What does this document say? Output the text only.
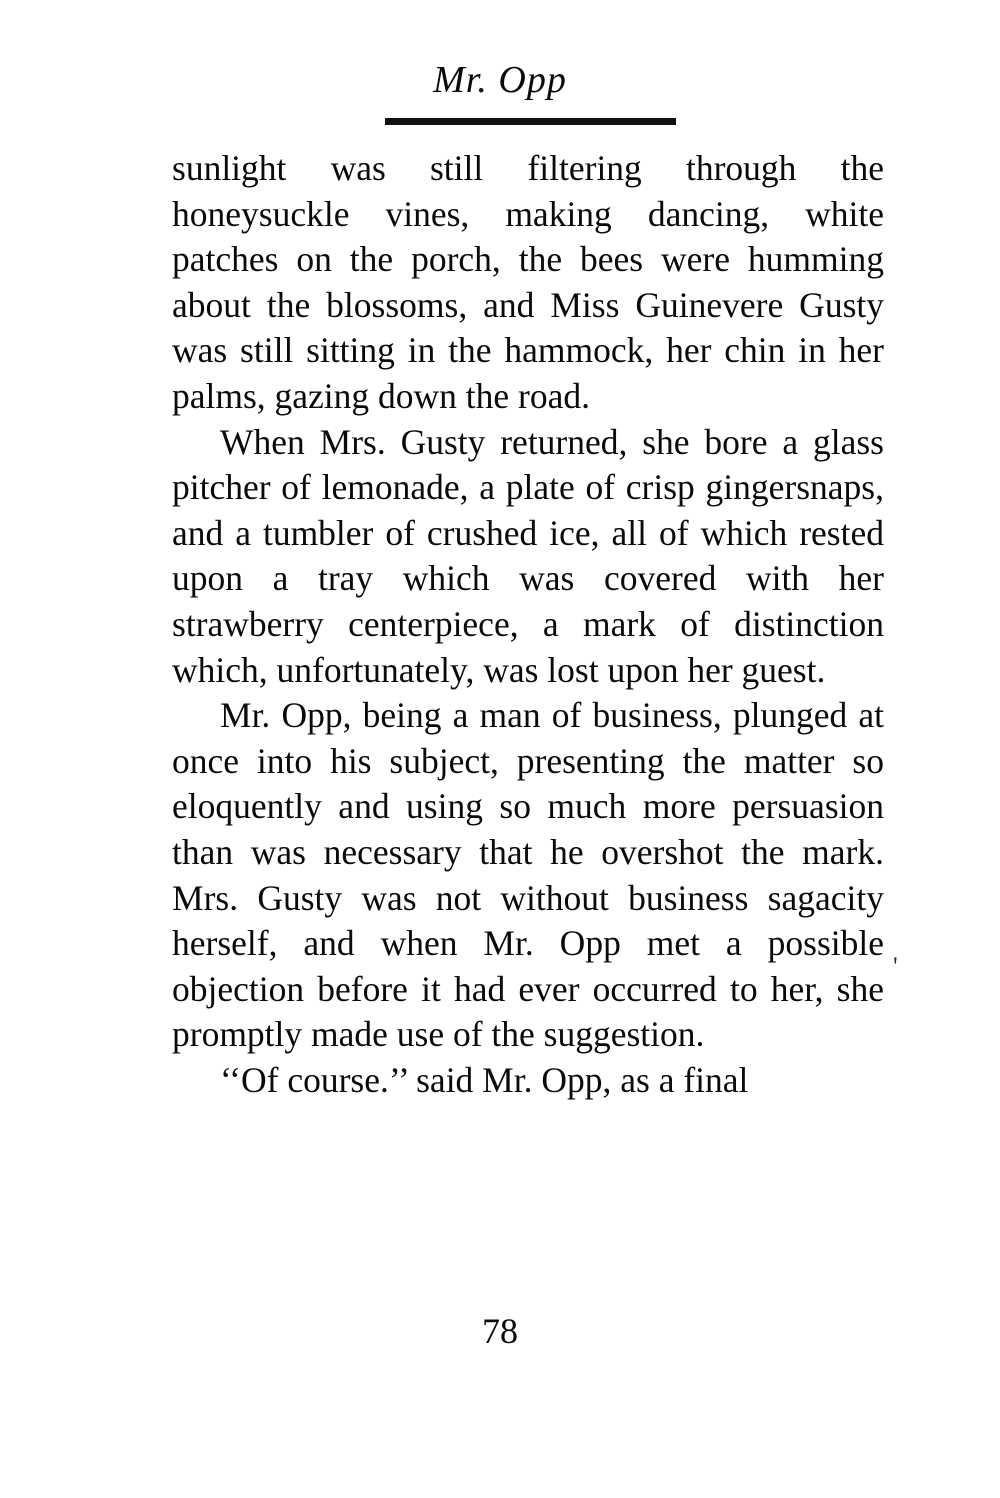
Mr. Opp

sunlight was still filtering through the honeysuckle vines, making dancing, white patches on the porch, the bees were humming about the blossoms, and Miss Guinevere Gusty was still sitting in the hammock, her chin in her palms, gazing down the road.

When Mrs. Gusty returned, she bore a glass pitcher of lemonade, a plate of crisp gingersnaps, and a tumbler of crushed ice, all of which rested upon a tray which was covered with her strawberry centerpiece, a mark of distinction which, unfortunately, was lost upon her guest.

Mr. Opp, being a man of business, plunged at once into his subject, presenting the matter so eloquently and using so much more persuasion than was necessary that he overshot the mark. Mrs. Gusty was not without business sagacity herself, and when Mr. Opp met a possible objection before it had ever occurred to her, she promptly made use of the suggestion.

‘‘Of course.’’ said Mr. Opp, as a final

'
78
